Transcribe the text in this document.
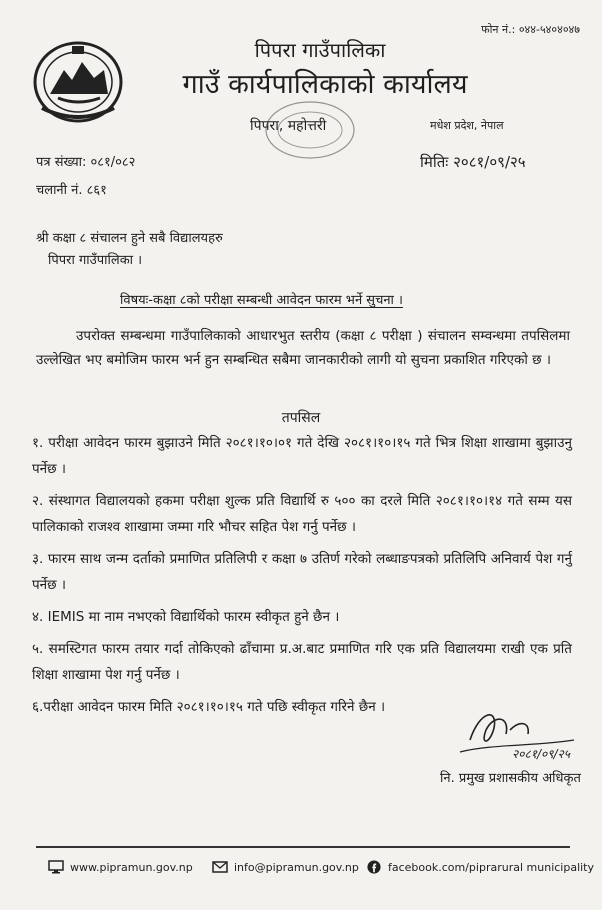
फोन नं.: ०४४-५४०४०४७
पिपरा गाउँपालिका
गाउँ कार्यपालिकाको कार्यालय
पिपरा, महोत्तरी	मधेश प्रदेश, नेपाल
पत्र संख्या: ०८१/०८२	मितिः २०८१/०९/२५
चलानी नं. ८६१
श्री कक्षा ८ संचालन हुने सबै विद्यालयहरु
पिपरा गाउँपालिका ।
विषयः-कक्षा ८को परीक्षा सम्बन्धी आवेदन फारम भर्ने सुचना ।
उपरोक्त सम्बन्धमा गाउँपालिकाको आधारभुत स्तरीय (कक्षा ८ परीक्षा ) संचालन सम्वन्धमा तपसिलमा उल्लेखित भए बमोजिम फारम भर्न हुन सम्बन्धित सबैमा जानकारीको लागी यो सुचना प्रकाशित गरिएको छ ।
तपसिल
१. परीक्षा आवेदन फारम बुझाउने मिति २०८१।१०।०१ गते देखि २०८१।१०।१५ गते भित्र शिक्षा शाखामा बुझाउनु पर्नेछ ।
२. संस्थागत विद्यालयको हकमा परीक्षा शुल्क प्रति विद्यार्थि रु ५०० का दरले मिति २०८१।१०।१४ गते सम्म यस पालिकाको राजश्व शाखामा जम्मा गरि भौचर सहित पेश गर्नु पर्नेछ ।
३. फारम साथ जन्म दर्ताको प्रमाणित प्रतिलिपी र कक्षा ७ उतिर्ण गरेको लब्धाङपत्रको प्रतिलिपि अनिवार्य पेश गर्नु पर्नेछ ।
४. IEMIS मा नाम नभएको विद्यार्थिको फारम स्वीकृत हुने छैन ।
५. समस्टिगत फारम तयार गर्दा तोकिएको ढाँचामा प्र.अ.बाट प्रमाणित गरि एक प्रति विद्यालयमा राखी एक प्रति शिक्षा शाखामा पेश गर्नु पर्नेछ ।
६.परीक्षा आवेदन फारम मिति २०८१।१०।१५ गते पछि स्वीकृत गरिने छैन ।
२०८१/०९/२५
नि. प्रमुख प्रशासकीय अधिकृत
www.pipramun.gov.np	info@pipramun.gov.np	facebook.com/piprarural municipality
